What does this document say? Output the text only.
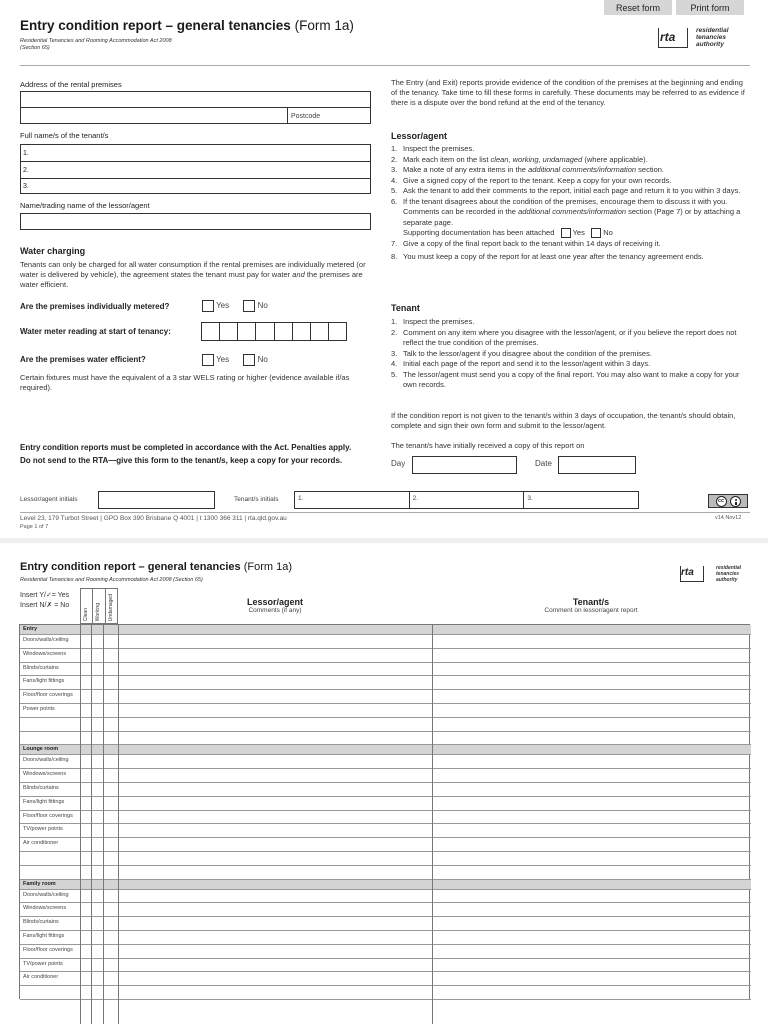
Reset form	Print form
Entry condition report – general tenancies (Form 1a)
Residential Tenancies and Rooming Accommodation Act 2008
(Section 65)
rta	residential
tenancies
authority
Address of the rental premises
Postcode
Full name/s of the tenant/s
1.
2.
3.
Name/trading name of the lessor/agent
Water charging
Tenants can only be charged for all water consumption if the rental premises are individually metered (or water is delivered by vehicle), the agreement states the tenant must pay for water and the premises are water efficient.
Are the premises individually metered?	Yes	No
Water meter reading at start of tenancy:
Are the premises water efficient?	Yes	No
Certain fixtures must have the equivalent of a 3 star WELS rating or higher (evidence available if/as required).
Entry condition reports must be completed in accordance with the Act. Penalties apply.
Do not send to the RTA—give this form to the tenant/s, keep a copy for your records.
The Entry (and Exit) reports provide evidence of the condition of the premises at the beginning and ending of the tenancy. Take time to fill these forms in carefully. These documents may be referred to as evidence if there is a dispute over the bond refund at the end of the tenancy.
Lessor/agent
1. Inspect the premises.
2. Mark each item on the list clean, working, undamaged (where applicable).
3. Make a note of any extra items in the additional comments/information section.
4. Give a signed copy of the report to the tenant. Keep a copy for your own records.
5. Ask the tenant to add their comments to the report, initial each page and return it to you within 3 days.
6. If the tenant disagrees about the condition of the premises, encourage them to discuss it with you. Comments can be recorded in the additional comments/information section (Page 7) or by attaching a separate page.
Supporting documentation has been attached Yes No
7. Give a copy of the final report back to the tenant within 14 days of receiving it.
8. You must keep a copy of the report for at least one year after the tenancy agreement ends.
Tenant
1. Inspect the premises.
2. Comment on any item where you disagree with the lessor/agent, or if you believe the report does not reflect the true condition of the premises.
3. Talk to the lessor/agent if you disagree about the condition of the premises.
4. Initial each page of the report and send it to the lessor/agent within 3 days.
5. The lessor/agent must send you a copy of the final report. You may also want to make a copy for your own records.
If the condition report is not given to the tenant/s within 3 days of occupation, the tenant/s should obtain, complete and sign their own form and submit to the lessor/agent.
The tenant/s have initially received a copy of this report on
Day	Date
Lessor/agent initials	Tenant/s initials	1.	2.	3.	cc
Level 23, 179 Turbot Street | GPO Box 390 Brisbane Q 4001 | t 1300 366 311 | rta.qld.gov.au
Page 1 of 7
v14 Nov12
Entry condition report – general tenancies (Form 1a)
Residential Tenancies and Rooming Accommodation Act 2008 (Section 65)
rta	residential
tenancies
authority
Insert Y/✓= Yes
Insert N/✗ = No
Clean Working Undamaged	Lessor/agent
Comments (if any)
Tenant/s
Comment on lessor/agent report
Entry
Doors/walls/ceiling
Windows/screens
Blinds/curtains
Fans/light fittings
Floor/floor coverings
Power points
Lounge room
Doors/walls/ceiling
Windows/screens
Blinds/curtains
Fans/light fittings
Floor/floor coverings
TV/power points
Air conditioner
Family room
Doors/walls/ceiling
Windows/screens
Blinds/curtains
Fans/light fittings
Floor/floor coverings
TV/power points
Air conditioner
